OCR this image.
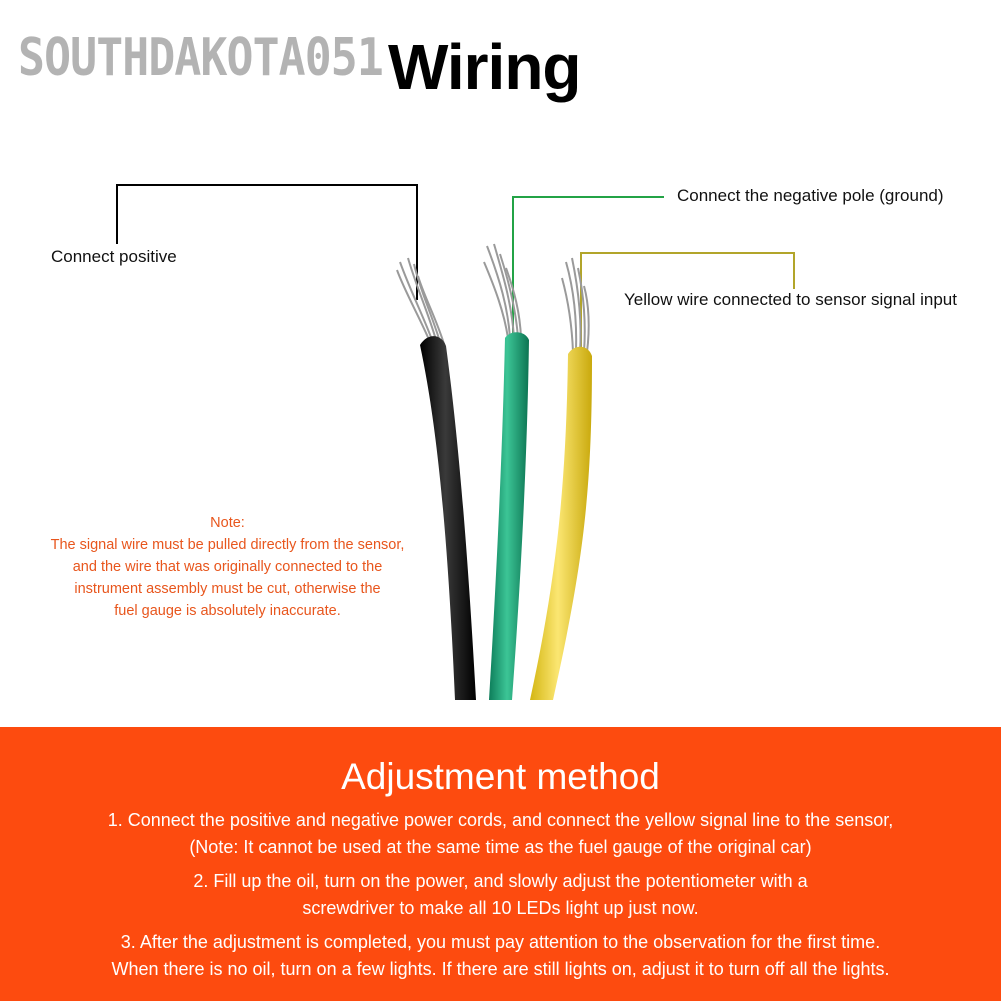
SOUTHDAKOTA051 Wiring
Connect positive
Connect the negative pole (ground)
Yellow wire connected to sensor signal input
Note:
The signal wire must be pulled directly from the sensor,
and the wire that was originally connected to the
instrument assembly must be cut, otherwise the
fuel gauge is absolutely inaccurate.
Adjustment method
1. Connect the positive and negative power cords, and connect the yellow signal line to the sensor,
(Note: It cannot be used at the same time as the fuel gauge of the original car)
2. Fill up the oil, turn on the power, and slowly adjust the potentiometer with a
screwdriver to make all 10 LEDs light up just now.
3. After the adjustment is completed, you must pay attention to the observation for the first time.
When there is no oil, turn on a few lights. If there are still lights on, adjust it to turn off all the lights.
